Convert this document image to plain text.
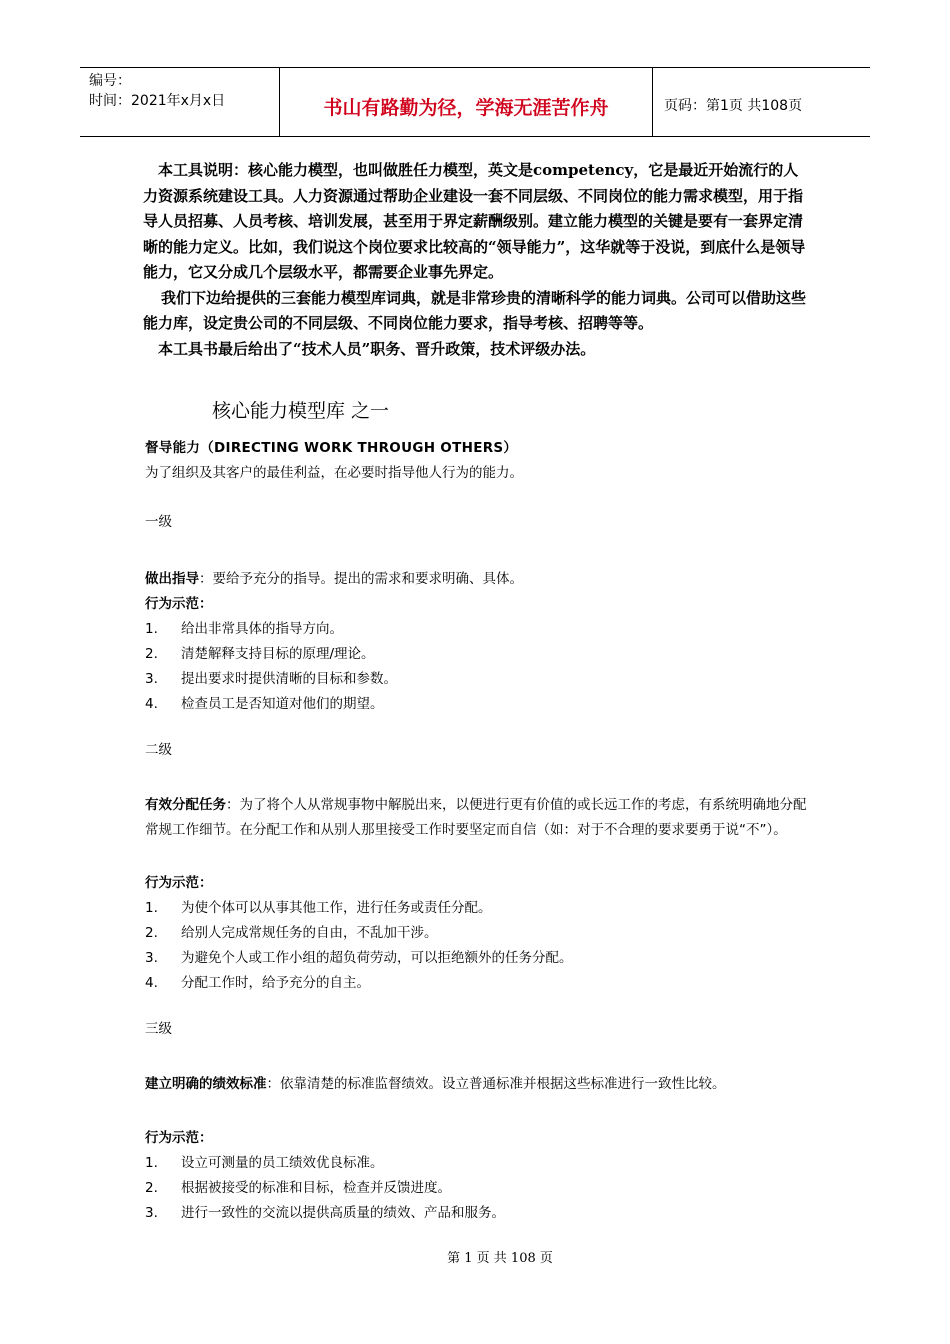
编号：
时间：2021年x月x日	书山有路勤为径，学海无涯苦作舟	页码：第1页 共108页

本工具说明：核心能力模型，也叫做胜任力模型，英文是competency，它是最近开始流行的人力资源系统建设工具。人力资源通过帮助企业建设一套不同层级、不同岗位的能力需求模型，用于指导人员招募、人员考核、培训发展，甚至用于界定薪酬级别。建立能力模型的关键是要有一套界定清晰的能力定义。比如，我们说这个岗位要求比较高的“领导能力”，这华就等于没说，到底什么是领导能力，它又分成几个层级水平，都需要企业事先界定。

我们下边给提供的三套能力模型库词典，就是非常珍贵的清晰科学的能力词典。公司可以借助这些能力库，设定贵公司的不同层级、不同岗位能力要求，指导考核、招聘等等。

本工具书最后给出了“技术人员”职务、晋升政策，技术评级办法。

核心能力模型库 之一
督导能力（DIRECTING WORK THROUGH OTHERS）
为了组织及其客户的最佳利益，在必要时指导他人行为的能力。
一级
做出指导：要给予充分的指导。提出的需求和要求明确、具体。
行为示范：
1. 给出非常具体的指导方向。
2. 清楚解释支持目标的原理/理论。
3. 提出要求时提供清晰的目标和参数。
4. 检查员工是否知道对他们的期望。
二级
有效分配任务：为了将个人从常规事物中解脱出来，以便进行更有价值的或长远工作的考虑，有系统明确地分配常规工作细节。在分配工作和从别人那里接受工作时要坚定而自信（如：对于不合理的要求要勇于说“不”）。
行为示范：
1. 为使个体可以从事其他工作，进行任务或责任分配。
2. 给别人完成常规任务的自由，不乱加干涉。
3. 为避免个人或工作小组的超负荷劳动，可以拒绝额外的任务分配。
4. 分配工作时，给予充分的自主。
三级
建立明确的绩效标准：依靠清楚的标准监督绩效。设立普通标准并根据这些标准进行一致性比较。
行为示范：
1. 设立可测量的员工绩效优良标准。
2. 根据被接受的标准和目标，检查并反馈进度。
3. 进行一致性的交流以提供高质量的绩效、产品和服务。
第 1 页 共 108 页
